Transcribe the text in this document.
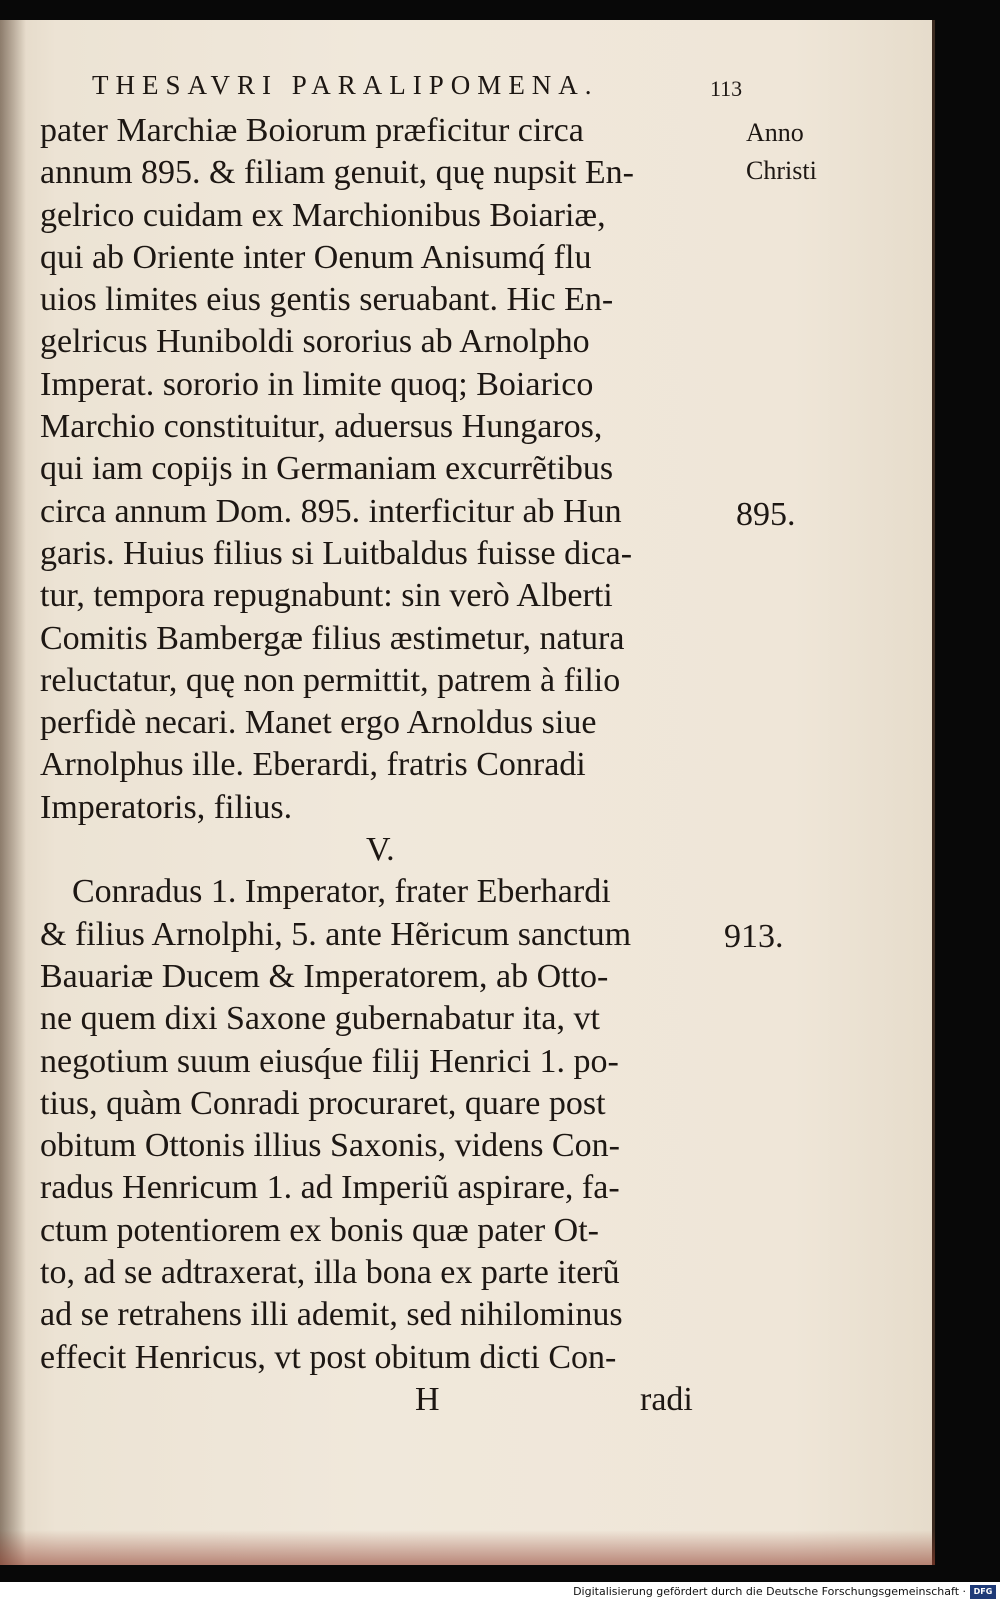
THESAVRI PARALIPOMENA.	113
Anno
Christi
895.
913.
pater Marchiæ Boiorum præficitur circa
annum 895. & filiam genuit, quę nupsit En-
gelrico cuidam ex Marchionibus Boiariæ,
qui ab Oriente inter Oenum Anisumq́ flu
uios limites eius gentis seruabant. Hic En-
gelricus Huniboldi sororius ab Arnolpho
Imperat. sororio in limite quoq; Boiarico
Marchio constituitur, aduersus Hungaros,
qui iam copijs in Germaniam excurrẽtibus
circa annum Dom. 895. interficitur ab Hun
garis. Huius filius si Luitbaldus fuisse dica-
tur, tempora repugnabunt: sin verò Alberti
Comitis Bambergæ filius æstimetur, natura
reluctatur, quę non permittit, patrem à filio
perfidè necari. Manet ergo Arnoldus siue
Arnolphus ille. Eberardi, fratris Conradi
Imperatoris, filius.
V.
Conradus 1. Imperator, frater Eberhardi
& filius Arnolphi, 5. ante Hẽricum sanctum
Bauariæ Ducem & Imperatorem, ab Otto-
ne quem dixi Saxone gubernabatur ita, vt
negotium suum eiusq́ue filij Henrici 1. po-
tius, quàm Conradi procuraret, quare post
obitum Ottonis illius Saxonis, videns Con-
radus Henricum 1. ad Imperiũ aspirare, fa-
ctum potentiorem ex bonis quæ pater Ot-
to, ad se adtraxerat, illa bona ex parte iterũ
ad se retrahens illi ademit, sed nihilominus
effecit Henricus, vt post obitum dicti Con-
H	radi
Digitalisierung gefördert durch die Deutsche Forschungsgemeinschaft · DFG
